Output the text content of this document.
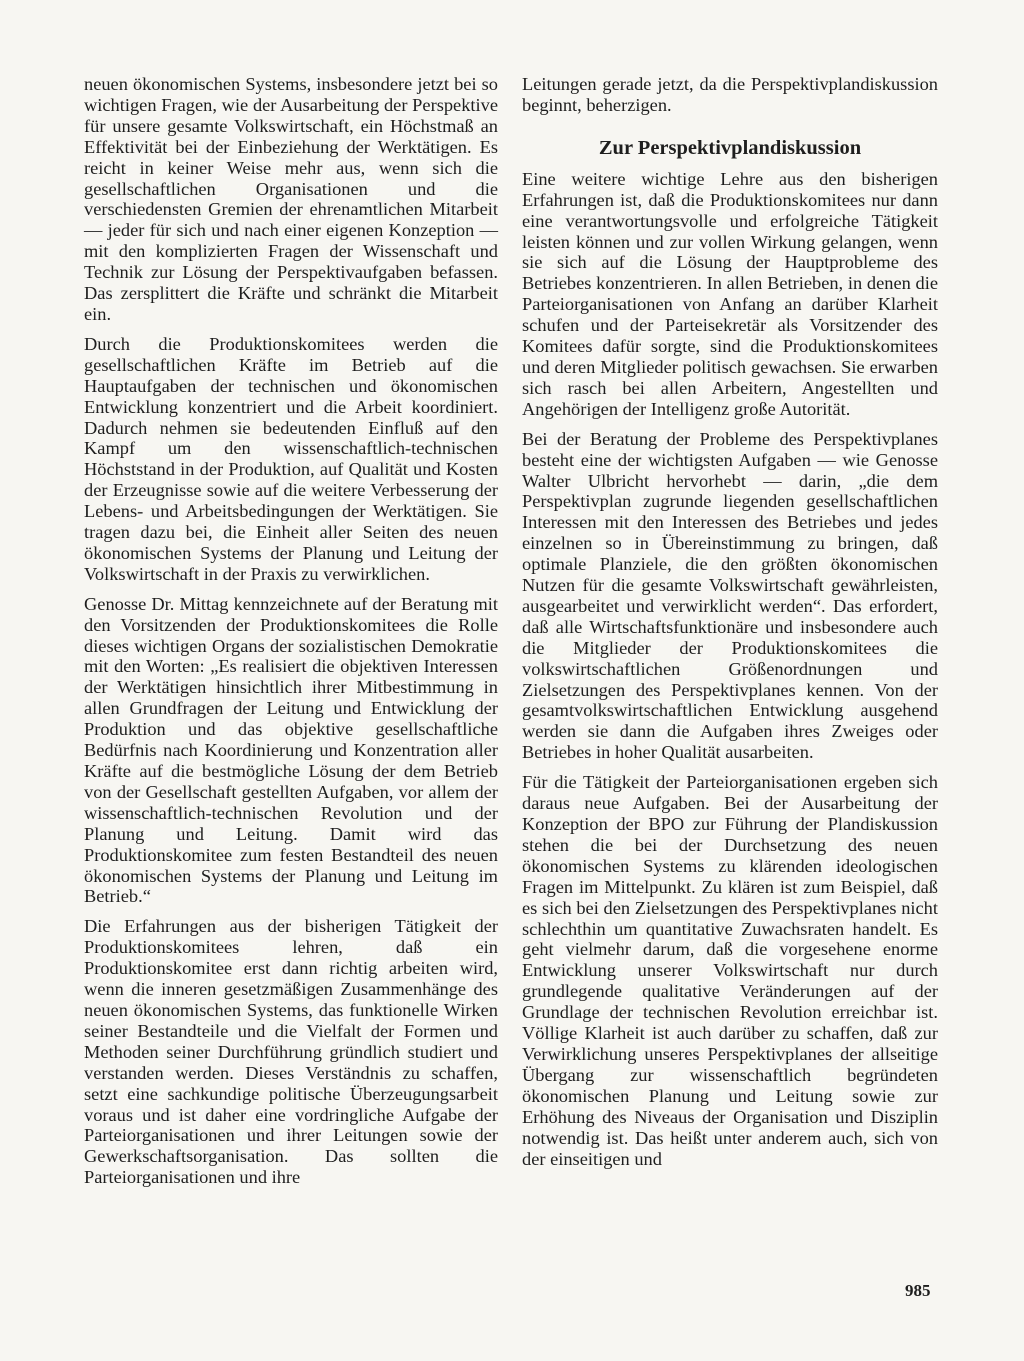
neuen ökonomischen Systems, insbesondere jetzt bei so wichtigen Fragen, wie der Ausarbeitung der Perspektive für unsere gesamte Volkswirtschaft, ein Höchstmaß an Effektivität bei der Einbeziehung der Werktätigen. Es reicht in keiner Weise mehr aus, wenn sich die gesellschaftlichen Organisationen und die verschiedensten Gremien der ehrenamtlichen Mitarbeit — jeder für sich und nach einer eigenen Konzeption — mit den komplizierten Fragen der Wissenschaft und Technik zur Lösung der Perspektivaufgaben befassen. Das zersplittert die Kräfte und schränkt die Mitarbeit ein.

Durch die Produktionskomitees werden die gesellschaftlichen Kräfte im Betrieb auf die Hauptaufgaben der technischen und ökonomischen Entwicklung konzentriert und die Arbeit koordiniert. Dadurch nehmen sie bedeutenden Einfluß auf den Kampf um den wissenschaftlich-technischen Höchststand in der Produktion, auf Qualität und Kosten der Erzeugnisse sowie auf die weitere Verbesserung der Lebens- und Arbeitsbedingungen der Werktätigen. Sie tragen dazu bei, die Einheit aller Seiten des neuen ökonomischen Systems der Planung und Leitung der Volkswirtschaft in der Praxis zu verwirklichen.

Genosse Dr. Mittag kennzeichnete auf der Beratung mit den Vorsitzenden der Produktionskomitees die Rolle dieses wichtigen Organs der sozialistischen Demokratie mit den Worten: „Es realisiert die objektiven Interessen der Werktätigen hinsichtlich ihrer Mitbestimmung in allen Grundfragen der Leitung und Entwicklung der Produktion und das objektive gesellschaftliche Bedürfnis nach Koordinierung und Konzentration aller Kräfte auf die bestmögliche Lösung der dem Betrieb von der Gesellschaft gestellten Aufgaben, vor allem der wissenschaftlich-technischen Revolution und der Planung und Leitung. Damit wird das Produktionskomitee zum festen Bestandteil des neuen ökonomischen Systems der Planung und Leitung im Betrieb.“

Die Erfahrungen aus der bisherigen Tätigkeit der Produktionskomitees lehren, daß ein Produktionskomitee erst dann richtig arbeiten wird, wenn die inneren gesetzmäßigen Zusammenhänge des neuen ökonomischen Systems, das funktionelle Wirken seiner Bestandteile und die Vielfalt der Formen und Methoden seiner Durchführung gründlich studiert und verstanden werden. Dieses Verständnis zu schaffen, setzt eine sachkundige politische Überzeugungsarbeit voraus und ist daher eine vordringliche Aufgabe der Parteiorganisationen und ihrer Leitungen sowie der Gewerkschaftsorganisation. Das sollten die Parteiorganisationen und ihre

Leitungen gerade jetzt, da die Perspektivplandiskussion beginnt, beherzigen.

Zur Perspektivplandiskussion

Eine weitere wichtige Lehre aus den bisherigen Erfahrungen ist, daß die Produktionskomitees nur dann eine verantwortungsvolle und erfolgreiche Tätigkeit leisten können und zur vollen Wirkung gelangen, wenn sie sich auf die Lösung der Hauptprobleme des Betriebes konzentrieren. In allen Betrieben, in denen die Parteiorganisationen von Anfang an darüber Klarheit schufen und der Parteisekretär als Vorsitzender des Komitees dafür sorgte, sind die Produktionskomitees und deren Mitglieder politisch gewachsen. Sie erwarben sich rasch bei allen Arbeitern, Angestellten und Angehörigen der Intelligenz große Autorität.

Bei der Beratung der Probleme des Perspektivplanes besteht eine der wichtigsten Aufgaben — wie Genosse Walter Ulbricht hervorhebt — darin, „die dem Perspektivplan zugrunde liegenden gesellschaftlichen Interessen mit den Interessen des Betriebes und jedes einzelnen so in Übereinstimmung zu bringen, daß optimale Planziele, die den größten ökonomischen Nutzen für die gesamte Volkswirtschaft gewährleisten, ausgearbeitet und verwirklicht werden“. Das erfordert, daß alle Wirtschaftsfunktionäre und insbesondere auch die Mitglieder der Produktionskomitees die volkswirtschaftlichen Größenordnungen und Zielsetzungen des Perspektivplanes kennen. Von der gesamtvolkswirtschaftlichen Entwicklung ausgehend werden sie dann die Aufgaben ihres Zweiges oder Betriebes in hoher Qualität ausarbeiten.

Für die Tätigkeit der Parteiorganisationen ergeben sich daraus neue Aufgaben. Bei der Ausarbeitung der Konzeption der BPO zur Führung der Plandiskussion stehen die bei der Durchsetzung des neuen ökonomischen Systems zu klärenden ideologischen Fragen im Mittelpunkt. Zu klären ist zum Beispiel, daß es sich bei den Zielsetzungen des Perspektivplanes nicht schlechthin um quantitative Zuwachsraten handelt. Es geht vielmehr darum, daß die vorgesehene enorme Entwicklung unserer Volkswirtschaft nur durch grundlegende qualitative Veränderungen auf der Grundlage der technischen Revolution erreichbar ist. Völlige Klarheit ist auch darüber zu schaffen, daß zur Verwirklichung unseres Perspektivplanes der allseitige Übergang zur wissenschaftlich begründeten ökonomischen Planung und Leitung sowie zur Erhöhung des Niveaus der Organisation und Disziplin notwendig ist. Das heißt unter anderem auch, sich von der einseitigen und

985
